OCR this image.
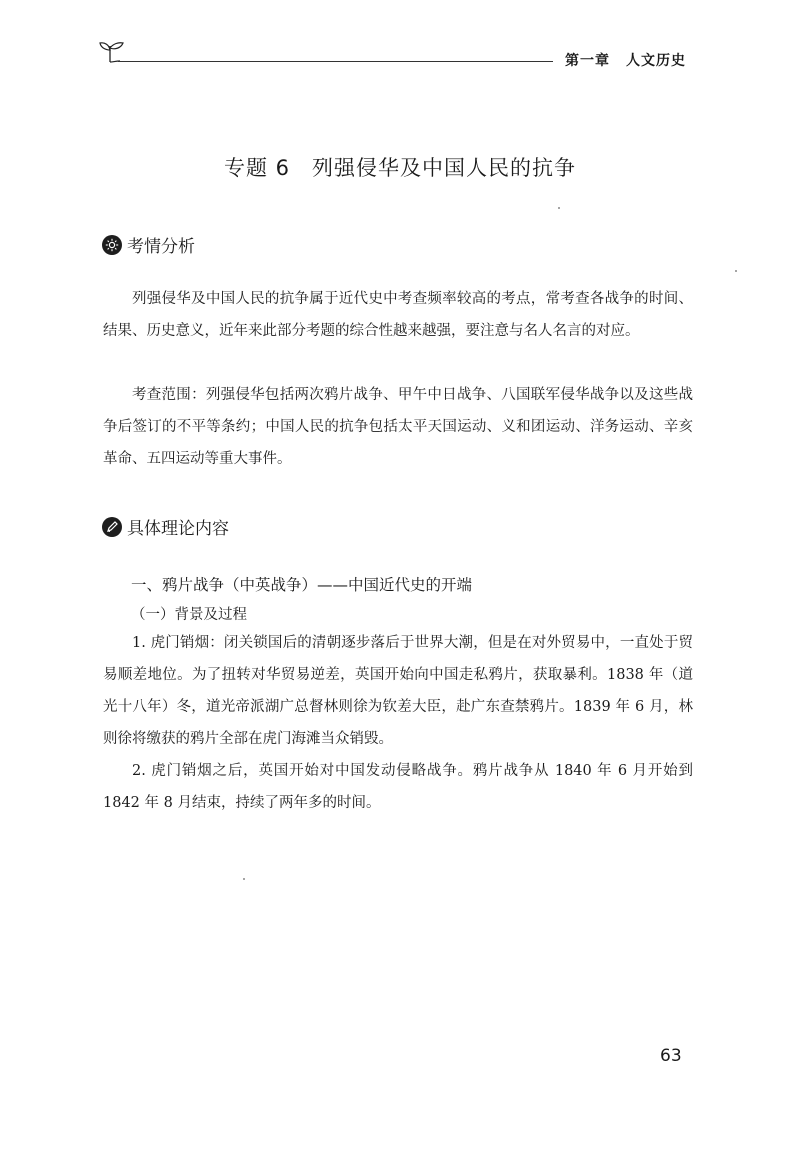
第一章 人文历史
专题 6 列强侵华及中国人民的抗争
考情分析

列强侵华及中国人民的抗争属于近代史中考查频率较高的考点，常考查各战争的时间、结果、历史意义，近年来此部分考题的综合性越来越强，要注意与名人名言的对应。

考查范围：列强侵华包括两次鸦片战争、甲午中日战争、八国联军侵华战争以及这些战争后签订的不平等条约；中国人民的抗争包括太平天国运动、义和团运动、洋务运动、辛亥革命、五四运动等重大事件。

具体理论内容
一、鸦片战争（中英战争）——中国近代史的开端
（一）背景及过程

1. 虎门销烟：闭关锁国后的清朝逐步落后于世界大潮，但是在对外贸易中，一直处于贸易顺差地位。为了扭转对华贸易逆差，英国开始向中国走私鸦片，获取暴利。1838 年（道光十八年）冬，道光帝派湖广总督林则徐为钦差大臣，赴广东查禁鸦片。1839 年 6 月，林则徐将缴获的鸦片全部在虎门海滩当众销毁。

2. 虎门销烟之后，英国开始对中国发动侵略战争。鸦片战争从 1840 年 6 月开始到 1842 年 8 月结束，持续了两年多的时间。

63
